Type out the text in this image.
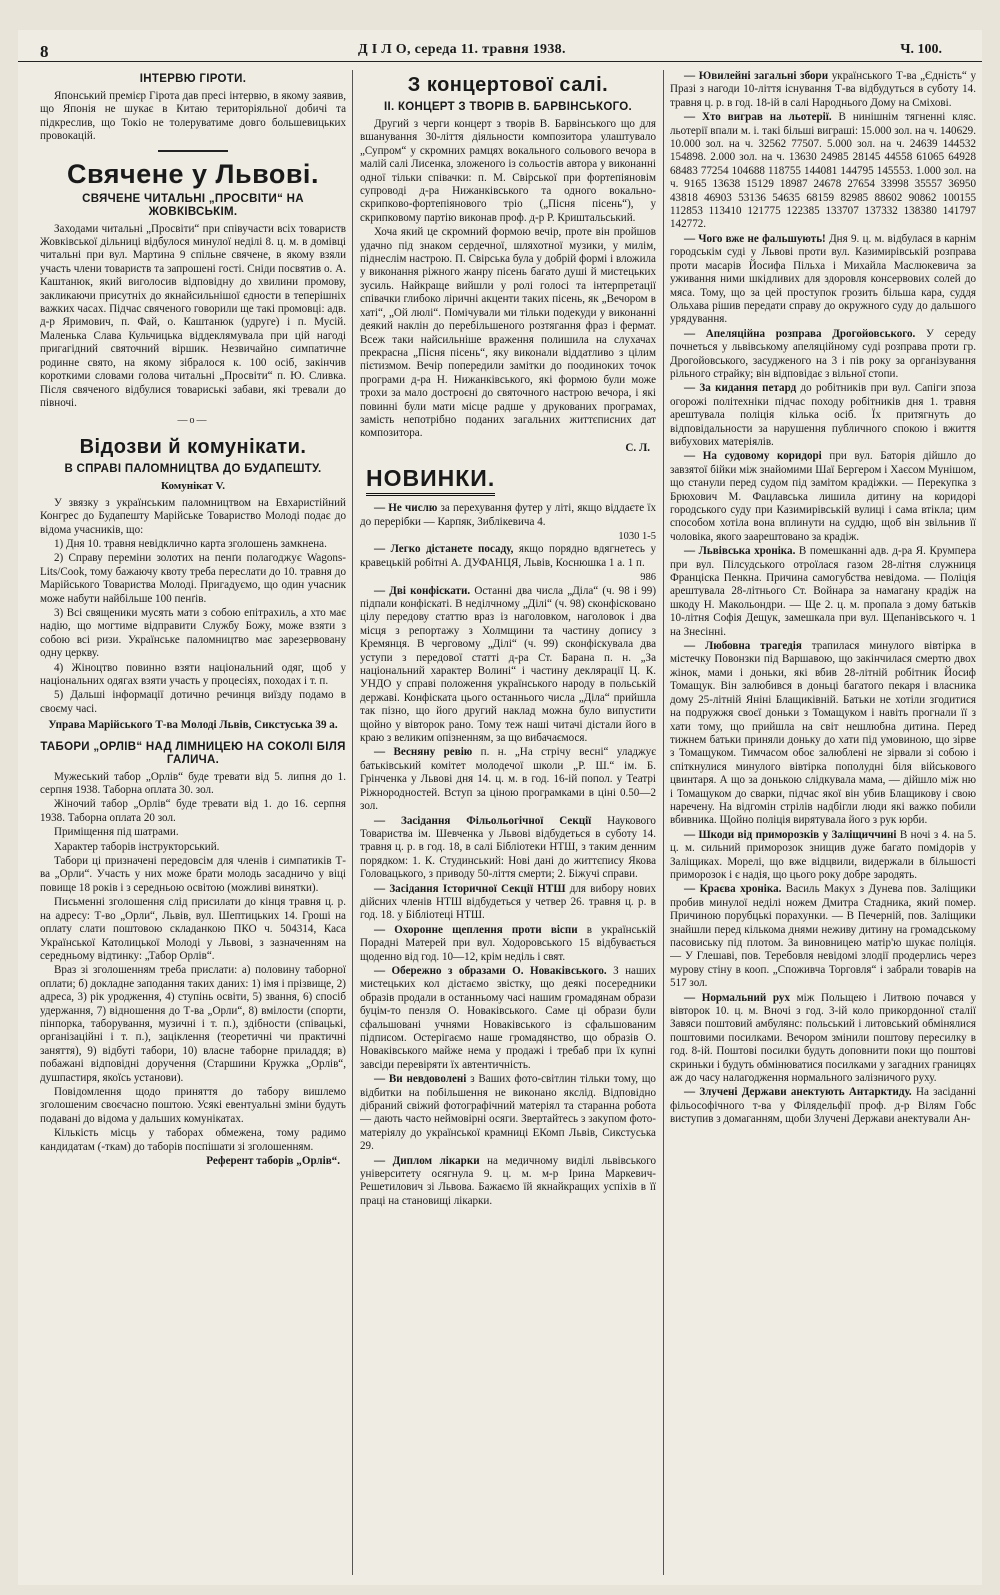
8	Д І Л О, середа 11. травня 1938.	Ч. 100.
ІНТЕРВЮ ГІРОТИ.

Японський премієр Гірота дав пресі інтервю, в якому заявив, що Японія не шукає в Китаю територіяльної добичі та підкреслив, що Токіо не толеруватиме довго большевицьких провокацій.

Свячене у Львові.
СВЯЧЕНЕ ЧИТАЛЬНІ „ПРОСВІТИ“ НА ЖОВКІВСЬКІМ.

Заходами читальні „Просвіти“ при співучасти всіх товариств Жовківської дільниці відбулося минулої неділі 8. ц. м. в домівці читальні при вул. Мартина 9 спільне свячене, в якому взяли участь члени товариств та запрошені гості. Сніди посвятив о. А. Каштанюк, який виголосив відповідну до хвилини промову, закликаючи присутніх до якнайсильнішої єдности в теперішніх важких часах. Підчас свяченого говорили ще такі промовці: адв. д-р Яримович, п. Фай, о. Каштанюк (удруге) і п. Мусій. Маленька Слава Кульчицька віддеклямувала при цій нагоді пригагідний святочний віршик. Незвичайно симпатичне родинне свято, на якому зібралося к. 100 осіб, закінчив короткими словами голова читальні „Просвіти“ п. Ю. Сливка. Після свяченого відбулися товариські забави, які тревали до півночі.

—o—
Відозви й комунікати.
В СПРАВІ ПАЛОМНИЦТВА ДО БУДАПЕШТУ.
Комунікат V.

У звязку з українським паломництвом на Евхаристійний Конгрес до Будапешту Марійське Товариство Молоді подає до відома учасників, що:

1) Дня 10. травня невідклично карта зголошень замкнена.

2) Справу переміни золотих на пенґи полагоджує Wagons-Lits/Cook, тому бажаючу квоту треба переслати до 10. травня до Марійського Товариства Молоді. Пригадуємо, що один учасник може набути найбільше 100 пенґів.

3) Всі священики мусять мати з собою епітрахиль, а хто має надію, що могтиме відправити Службу Божу, може взяти з собою всі ризи. Українське паломництво має зарезервовану одну церкву.

4) Жіноцтво повинно взяти національний одяг, щоб у національних одягах взяти участь у процесіях, походах і т. п.

5) Дальші інформації дотично речинця виїзду подамо в своєму часі.

Управа Марійського Т-ва Молоді Львів, Сикстуська 39 а.
ТАБОРИ „ОРЛІВ“ НАД ЛІМНИЦЕЮ НА СОКОЛІ БІЛЯ ГАЛИЧА.

Мужеський табор „Орлів“ буде тревати від 5. липня до 1. серпня 1938. Таборна оплата 30. зол.

Жіночий табор „Орлів“ буде тревати від 1. до 16. серпня 1938. Таборна оплата 20 зол.

Приміщення під шатрами.

Характер таборів інструкторський.

Табори ці призначені передовсім для членів і симпатиків Т-ва „Орли“. Участь у них може брати молодь засадничо у віці повище 18 років і з середньою освітою (можливі винятки).

Письменні зголошення слід присилати до кінця травня ц. р. на адресу: Т-во „Орли“, Львів, вул. Шептицьких 14. Гроші на оплату слати поштовою складанкою ПКО ч. 504314, Каса Української Католицької Молоді у Львові, з зазначенням на середньому відтинку: „Табор Орлів“.

Враз зі зголошенням треба прислати: а) половину таборної оплати; б) докладне заподання таких даних: 1) імя і прізвище, 2) адреса, 3) рік уродження, 4) ступінь освіти, 5) звання, 6) спосіб удержання, 7) відношення до Т-ва „Орли“, 8) вмілости (спорти, пінпорка, таборування, музичні і т. п.), здібности (співацькі, організаційні і т. п.), заціклення (теоретичні чи практичні заняття), 9) відбуті табори, 10) власне таборне приладдя; в) побажані відповідні доручення (Старшини Кружка „Орлів“, душпастиря, якоїсь установи).

Повідомлення щодо приняття до табору вишлемо зголошеним своєчасно поштою. Усякі евентуальні зміни будуть подавані до відома у дальших комунікатах.

Кількість місць у таборах обмежена, тому радимо кандидатам (-ткам) до таборів поспішати зі зголошенням.

Референт таборів „Орлів“.
З концертової салі.
II. КОНЦЕРТ З ТВОРІВ В. БАРВІНСЬКОГО.

Другий з черги концерт з творів В. Барвінського що для вшанування 30-ліття діяльности композитора улаштувало „Супром“ у скромних рамцях вокального сольового вечора в малій салі Лисенка, зложеного із сольостів автора у виконанні одної тільки співачки: п. М. Свірської при фортепіяновім супроводі д-ра Нижанківського та одного вокально-скрипково-фортепіянового тріо („Пісня пісень“), у скрипковому партію виконав проф. д-р Р. Криштальський.

Хоча який це скромний формою вечір, проте він пройшов удачно під знаком сердечної, шляхотної музики, у милім, піднеслім настрою. П. Свірська була у добрій формі і вложила у виконання ріжного жанру пісень багато душі й мистецьких зусиль. Найкраще вийшли у ролі голосі та інтерпретації співачки глибоко ліричні акценти таких пісень, як „Вечором в хаті“, „Ой люлі“. Помічували ми тільки подекуди у виконанні деякий наклін до перебільшеного розтягання фраз і фермат. Всеж таки найсильніше враження полишила на слухачах прекрасна „Пісня пісень“, яку виконали віддатливо з цілим пієтизмом. Вечір попередили замітки до поодиноких точок програми д-ра Н. Нижанківського, які формою були може трохи за мало достроєні до святочного настрою вечора, і які повинні були мати місце радше у друкованих програмах, замість непотрібно поданих загальних життєписних дат композитора.

С. Л.
НОВИНКИ.

— Не числю за перехування футер у літі, якщо віддаєте їх до перерібки — Карпяк, Зиблікевича 4.

1030 1-5

— Легко дістанете посаду, якщо порядно вдягнетесь у кравецькій робітні А. ДУФАНЦЯ, Львів, Коснюшка 1 а. 1 п.

986

— Дві конфіскати. Останні два числа „Діла“ (ч. 98 і 99) підпали конфіскаті. В неділчному „Ділі“ (ч. 98) сконфісковано цілу передову статтю враз із наголовком, наголовок і два місця з репортажу з Холмщини та частину допису з Кремянця. В черговому „Ділі“ (ч. 99) сконфіскувала два уступи з передової статті д-ра Ст. Барана п. н. „За національний характер Волині“ і частину деклярації Ц. К. УНДО у справі положення українського народу в польській державі. Конфіската цього останнього числа „Діла“ прийшла так пізно, що його другий наклад можна було випустити щойно у вівторок рано. Тому теж наші читачі дістали його в краю з великим опізненням, за що вибачаємося.

— Весняну ревію п. н. „На стрічу весні“ уладжує батьківський комітет молодечої школи „Р. Ш.“ ім. Б. Грінченка у Львові дня 14. ц. м. в год. 16-ій попол. у Театрі Ріжнородностей. Вступ за ціною програмками в ціні 0.50—2 зол.

— Засідання Фільольогічної Секції Наукового Товариства ім. Шевченка у Львові відбудеться в суботу 14. травня ц. р. в год. 18, в салі Бібліотеки НТШ, з таким денним порядком: 1. К. Студинський: Нові дані до життєпису Якова Головацького, з приводу 50-ліття смерти; 2. Біжучі справи.

— Засідання Історичної Секції НТШ для вибору нових дійсних членів НТШ відбудеться у четвер 26. травня ц. р. в год. 18. у Бібліотеці НТШ.

— Охоронне щеплення проти віспи в українській Порадні Матерей при вул. Ходоровського 15 відбувається щоденно від год. 10—12, крім неділь і свят.

— Обережно з образами О. Новаківського. З наших мистецьких кол дістаємо звістку, що деякі посередники образів продали в останньому часі нашим громадянам образи буцім-то пензля О. Новаківського. Саме ці образи були сфальшовані учнями Новаківського із сфальшованим підписом. Остерігаємо наше громадянство, що образів О. Новаківського майже нема у продажі і требаб при їх купні завсіди перевіряти їх автентичність.

— Ви невдоволені з Ваших фото-світлин тільки тому, що відбитки на побільшення не виконано якслід. Відповідно дібраний свіжий фотографічний матеріял та старанна робота — дають часто неймовірні осяги. Звертайтесь з закупом фото-матеріялу до української крамниці ЕКомп Львів, Сикстуська 29.

— Диплом лікарки на медичному виділі львівського університету осягнула 9. ц. м. м-р Ірина Маркевич-Решетилович зі Львова. Бажаємо їй якнайкращих успіхів в її праці на становищі лікарки.

— Ювилейні загальні збори українського Т-ва „Єдність“ у Празі з нагоди 10-ліття існування Т-ва відбудуться в суботу 14. травня ц. р. в год. 18-ій в салі Народнього Дому на Сміхові.

— Хто виграв на льотерії. В нинішнім тягненні кляс. льотерії впали м. і. такі більші виграші: 15.000 зол. на ч. 140629. 10.000 зол. на ч. 32562 77507. 5.000 зол. на ч. 24639 144532 154898. 2.000 зол. на ч. 13630 24985 28145 44558 61065 64928 68483 77254 104688 118755 144081 144795 145553. 1.000 зол. на ч. 9165 13638 15129 18987 24678 27654 33998 35557 36950 43818 46903 53136 54635 68159 82985 88602 90862 100155 112853 113410 121775 122385 133707 137332 138380 141797 142772.

— Чого вже не фальшують! Дня 9. ц. м. відбулася в карнім городськім суді у Львові проти вул. Казимирівській розправа проти масарів Йосифа Пільха і Михайла Маслюкевича за уживання ними шкідливих для здоровля консервових солей до мяса. Тому, що за цей проступок грозить більша кара, суддя Ольхава рішив передати справу до окружного суду до дальшого урядування.

— Апеляційна розправа Дрогойовського. У середу почнеться у львівському апеляційному суді розправа проти гр. Дрогойовського, засудженого на 3 і пів року за організування рільного страйку; він відповідає з вільної стопи.

— За кидання петард до робітників при вул. Сапіги зпоза огорожі політехніки підчас походу робітників дня 1. травня арештувала поліція кілька осіб. Їх притягнуть до відповідальности за нарушення публичного спокою і вжиття вибухових матеріялів.

— На судовому коридорі при вул. Баторія дійшло до завзятої бійки між знайомими Шаї Бергером і Хаєсом Мунішом, що станули перед судом під замітом крадіжки. — Перекупка з Брюхович М. Фацлавська лишила дитину на коридорі городського суду при Казимирівській вулиці і сама втікла; цим способом хотіла вона вплинути на суддю, щоб він звільнив її чоловіка, якого заарештовано за крадіж.

— Львівська хроніка. В помешканні адв. д-ра Я. Крумпера при вул. Пілсудського отроїлася газом 28-літня служниця Франціска Пенкна. Причина самогубства невідома. — Поліція арештувала 28-літнього Ст. Войнара за намагану крадіж на шкоду Н. Макольондри. — Ще 2. ц. м. пропала з дому батьків 10-літня Софія Дещук, замешкала при вул. Щепанівського ч. 1 на Знесінні.

— Любовна трагедія трапилася минулого вівтірка в містечку Повонзки під Варшавою, що закінчилася смертю двох жінок, мами і доньки, які вбив 28-літній робітник Йосиф Томащук. Він залюбився в доньці багатого пекаря і власника дому 25-літній Яніні Блащиківній. Батьки не хотіли згодитися на подружжя своєї доньки з Томащуком і навіть прогнали її з хати тому, що прийшла на світ нешлюбна дитина. Перед тижнем батьки приняли доньку до хати під умовиною, що зірве з Томащуком. Тимчасом обоє залюблені не зірвали зі собою і спіткнулися минулого вівтірка пополудні біля військового цвинтаря. А що за донькою слідкувала мама, — дійшло між ню і Томащуком до сварки, підчас якої він убив Блащикову і свою наречену. На відгомін стрілів надбігли люди які важко побили вбивника. Щойно поліція вирятувала його з рук юрби.

— Шкоди від приморозків у Заліщиччині В ночі з 4. на 5. ц. м. сильний приморозок знищив дуже багато помідорів у Заліщиках. Морелі, що вже відцвили, видержали в більшості приморозок і є надія, що цього року добре зародять.

— Краєва хроніка. Василь Макух з Дунева пов. Заліщики пробив минулої неділі ножем Дмитра Стадника, який помер. Причиною порубцькі порахунки. — В Печерній, пов. Заліщики знайшли перед кількома днями неживу дитину на громадському пасовиську під плотом. За виновницею матір'ю шукає поліція. — У Глешаві, пов. Теребовля невідомі злодії продерлись через мурову стіну в кооп. „Споживча Торговля“ і забрали товарів на 517 зол.

— Нормальний рух між Польщею і Литвою почався у вівторок 10. ц. м. Вночі з год. 3-ій коло прикордонної сталії Завяси поштовий амбулянс: польський і литовський обмінялися поштовими посилками. Вечором змінили поштову пересилку в год. 8-ій. Поштові посилки будуть доповнити поки що поштові скриньки і будуть обмінюватися посилками у загадних границях аж до часу налагодження нормального залізничого руху.

— Злучені Держави анектують Антарктиду. На засіданні фільософічного т-ва у Філядельфії проф. д-р Вілям Гобс виступив з домаганням, щоби Злучені Держави анектували Ан-
